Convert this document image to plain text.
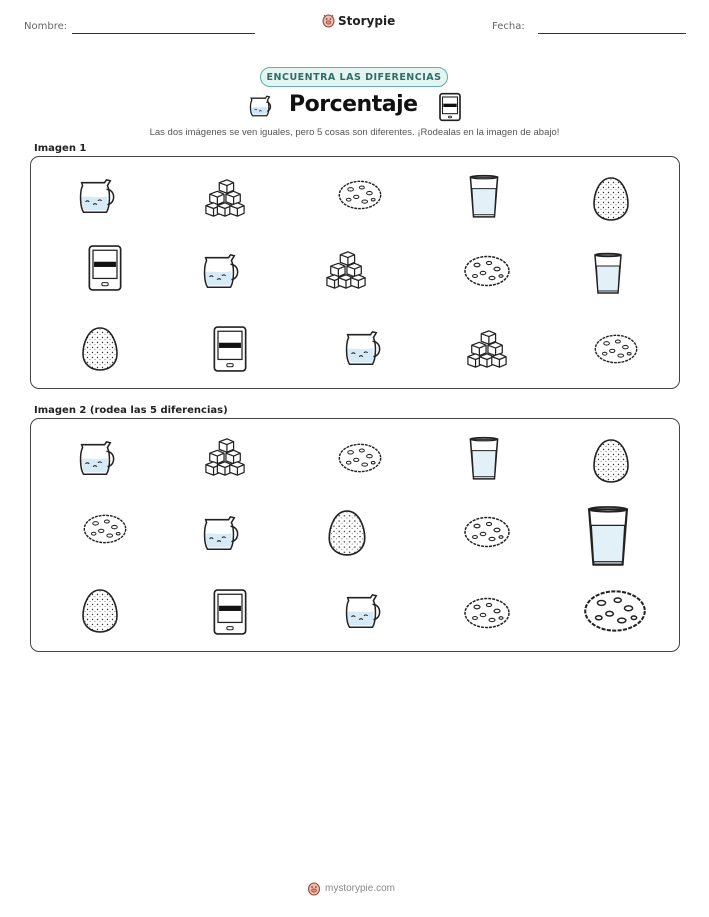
Nombre:	Storypie	Fecha:
ENCUENTRA LAS DIFERENCIAS
Porcentaje
Las dos imágenes se ven iguales, pero 5 cosas son diferentes. ¡Rodealas en la imagen de abajo!
Imagen 1
Imagen 2 (rodea las 5 diferencias)
mystorypie.com
